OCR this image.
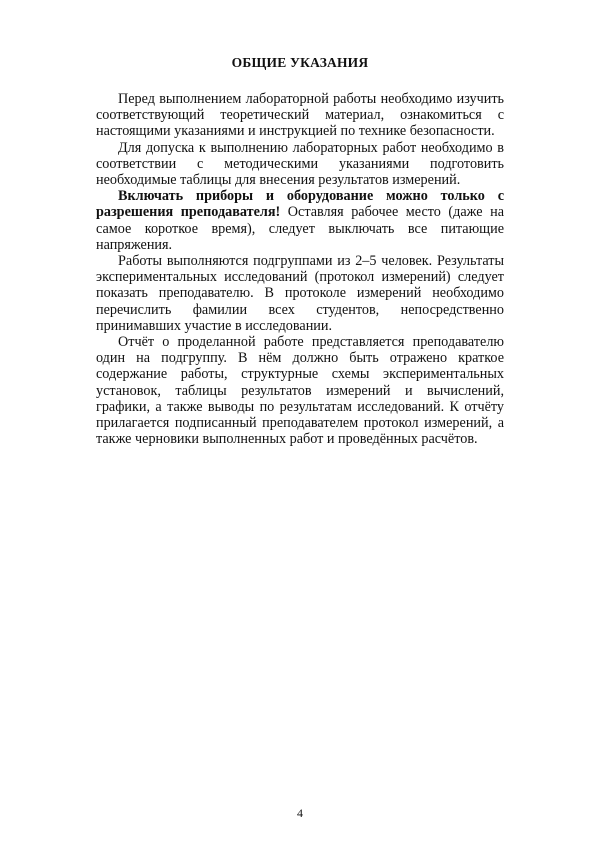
ОБЩИЕ УКАЗАНИЯ

Перед выполнением лабораторной работы необходимо изучить соответствующий теоретический материал, ознакомиться с настоящими указаниями и инструкцией по технике безопасности.

Для допуска к выполнению лабораторных работ необходимо в соответствии с методическими указаниями подготовить необходимые таблицы для внесения результатов измерений.

Включать приборы и оборудование можно только с разрешения преподавателя! Оставляя рабочее место (даже на самое короткое время), следует выключать все питающие напряжения.

Работы выполняются подгруппами из 2–5 человек. Результаты экспериментальных исследований (протокол измерений) следует показать преподавателю. В протоколе измерений необходимо перечислить фамилии всех студентов, непосредственно принимавших участие в исследовании.

Отчёт о проделанной работе представляется преподавателю один на подгруппу. В нём должно быть отражено краткое содержание работы, структурные схемы экспериментальных установок, таблицы результатов измерений и вычислений, графики, а также выводы по результатам исследований. К отчёту прилагается подписанный преподавателем протокол измерений, а также черновики выполненных работ и проведённых расчётов.

4
